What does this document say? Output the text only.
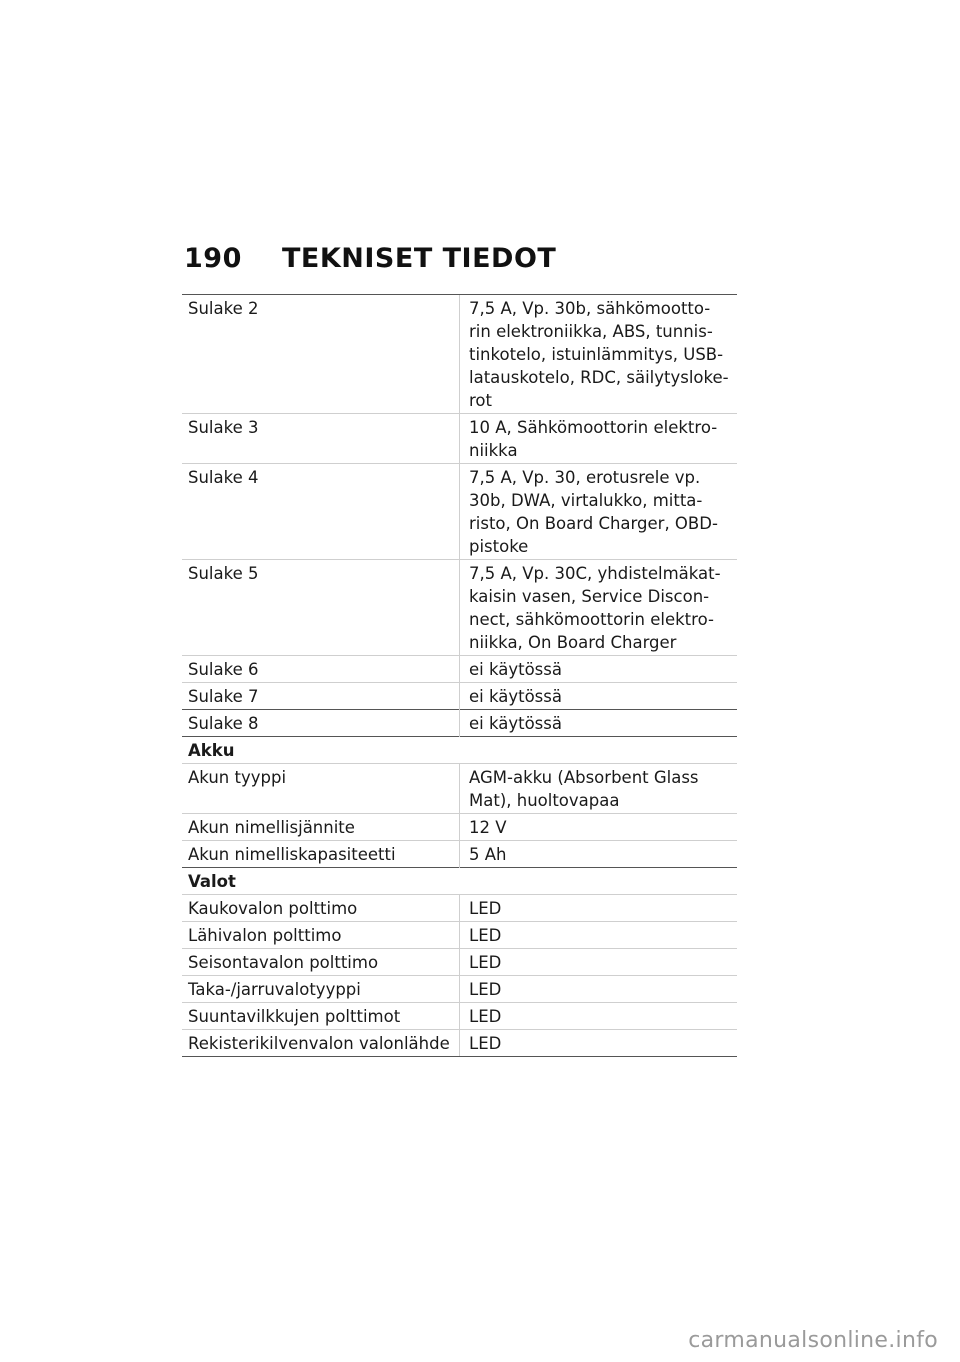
190 TEKNISET TIEDOT
Sulake 2	7,5 A, Vp. 30b, sähkömootto-
rin elektroniikka, ABS, tunnis-
tinkotelo, istuinlämmitys, USB-
latauskotelo, RDC, säilytysloke-
rot
Sulake 3	10 A, Sähkömoottorin elektro-
niikka
Sulake 4	7,5 A, Vp. 30, erotusrele vp.
30b, DWA, virtalukko, mitta-
risto, On Board Charger, OBD-
pistoke
Sulake 5	7,5 A, Vp. 30C, yhdistelmäkat-
kaisin vasen, Service Discon-
nect, sähkömoottorin elektro-
niikka, On Board Charger
Sulake 6	ei käytössä
Sulake 7	ei käytössä
Sulake 8	ei käytössä
Akku	
Akun tyyppi	AGM-akku (Absorbent Glass
Mat), huoltovapaa
Akun nimellisjännite	12 V
Akun nimelliskapasiteetti	5 Ah
Valot	
Kaukovalon polttimo	LED
Lähivalon polttimo	LED
Seisontavalon polttimo	LED
Taka-/jarruvalotyyppi	LED
Suuntavilkkujen polttimot	LED
Rekisterikilvenvalon valonlähde	LED
carmanualsonline.info
